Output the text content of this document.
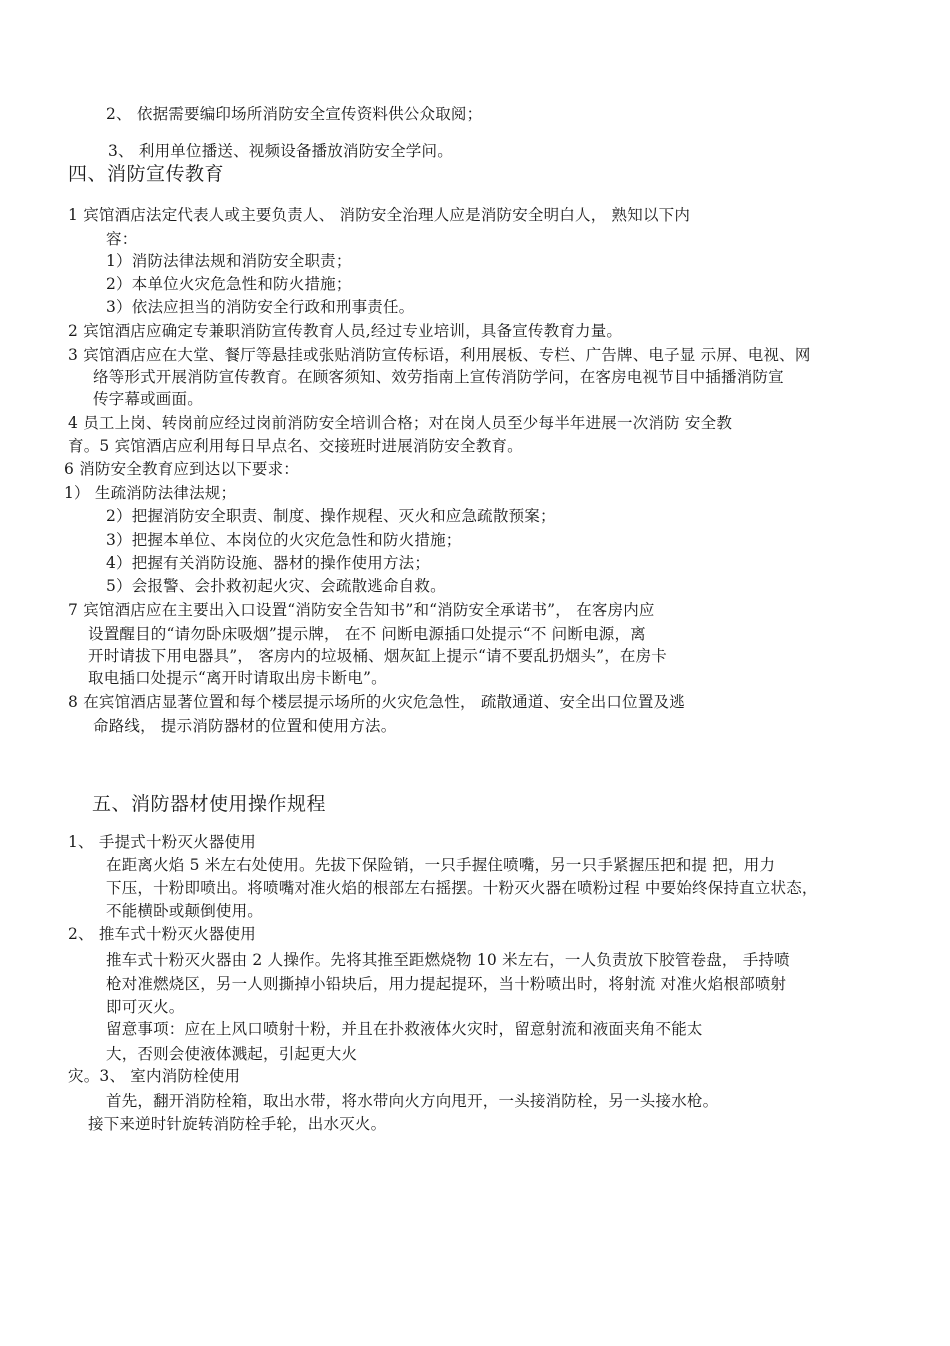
2、 依据需要编印场所消防安全宣传资料供公众取阅；
3、 利用单位播送、视频设备播放消防安全学问。
四、消防宣传教育
1 宾馆酒店法定代表人或主要负责人、 消防安全治理人应是消防安全明白人， 熟知以下内
容：
1）消防法律法规和消防安全职责；
2）本单位火灾危急性和防火措施；
3）依法应担当的消防安全行政和刑事责任。
2 宾馆酒店应确定专兼职消防宣传教育人员,经过专业培训，具备宣传教育力量。
3 宾馆酒店应在大堂、餐厅等悬挂或张贴消防宣传标语，利用展板、专栏、广告牌、电子显 示屏、电视、网
络等形式开展消防宣传教育。在顾客须知、效劳指南上宣传消防学问，在客房电视节目中插播消防宣
传字幕或画面。
4 员工上岗、转岗前应经过岗前消防安全培训合格；对在岗人员至少每半年进展一次消防 安全教
育。5 宾馆酒店应利用每日早点名、交接班时进展消防安全教育。
6 消防安全教育应到达以下要求：
1） 生疏消防法律法规；
2）把握消防安全职责、制度、操作规程、灭火和应急疏散预案；
3）把握本单位、本岗位的火灾危急性和防火措施；
4）把握有关消防设施、器材的操作使用方法；
5）会报警、会扑救初起火灾、会疏散逃命自救。
7 宾馆酒店应在主要出入口设置“消防安全告知书”和“消防安全承诺书”， 在客房内应
设置醒目的“请勿卧床吸烟”提示牌， 在不 问断电源插口处提示“不 问断电源，离
开时请拔下用电器具”， 客房内的垃圾桶、烟灰缸上提示“请不要乱扔烟头”，在房卡
取电插口处提示“离开时请取出房卡断电”。
8 在宾馆酒店显著位置和每个楼层提示场所的火灾危急性， 疏散通道、安全出口位置及逃
命路线， 提示消防器材的位置和使用方法。
五、消防器材使用操作规程
1、 手提式十粉灭火器使用
在距离火焰 5 米左右处使用。先拔下保险销，一只手握住喷嘴，另一只手紧握压把和提 把，用力
下压，十粉即喷出。将喷嘴对准火焰的根部左右摇摆。十粉灭火器在喷粉过程 中要始终保持直立状态，
不能横卧或颠倒使用。
2、 推车式十粉灭火器使用
推车式十粉灭火器由 2 人操作。先将其推至距燃烧物 10 米左右，一人负责放下胶管卷盘， 手持喷
枪对准燃烧区，另一人则撕掉小铅块后，用力提起提环，当十粉喷出时，将射流 对准火焰根部喷射
即可灭火。
留意事项：应在上风口喷射十粉，并且在扑救液体火灾时，留意射流和液面夹角不能太
大，否则会使液体溅起，引起更大火
灾。3、 室内消防栓使用
首先，翻开消防栓箱，取出水带，将水带向火方向甩开，一头接消防栓，另一头接水枪。
接下来逆时针旋转消防栓手轮，出水灭火。
